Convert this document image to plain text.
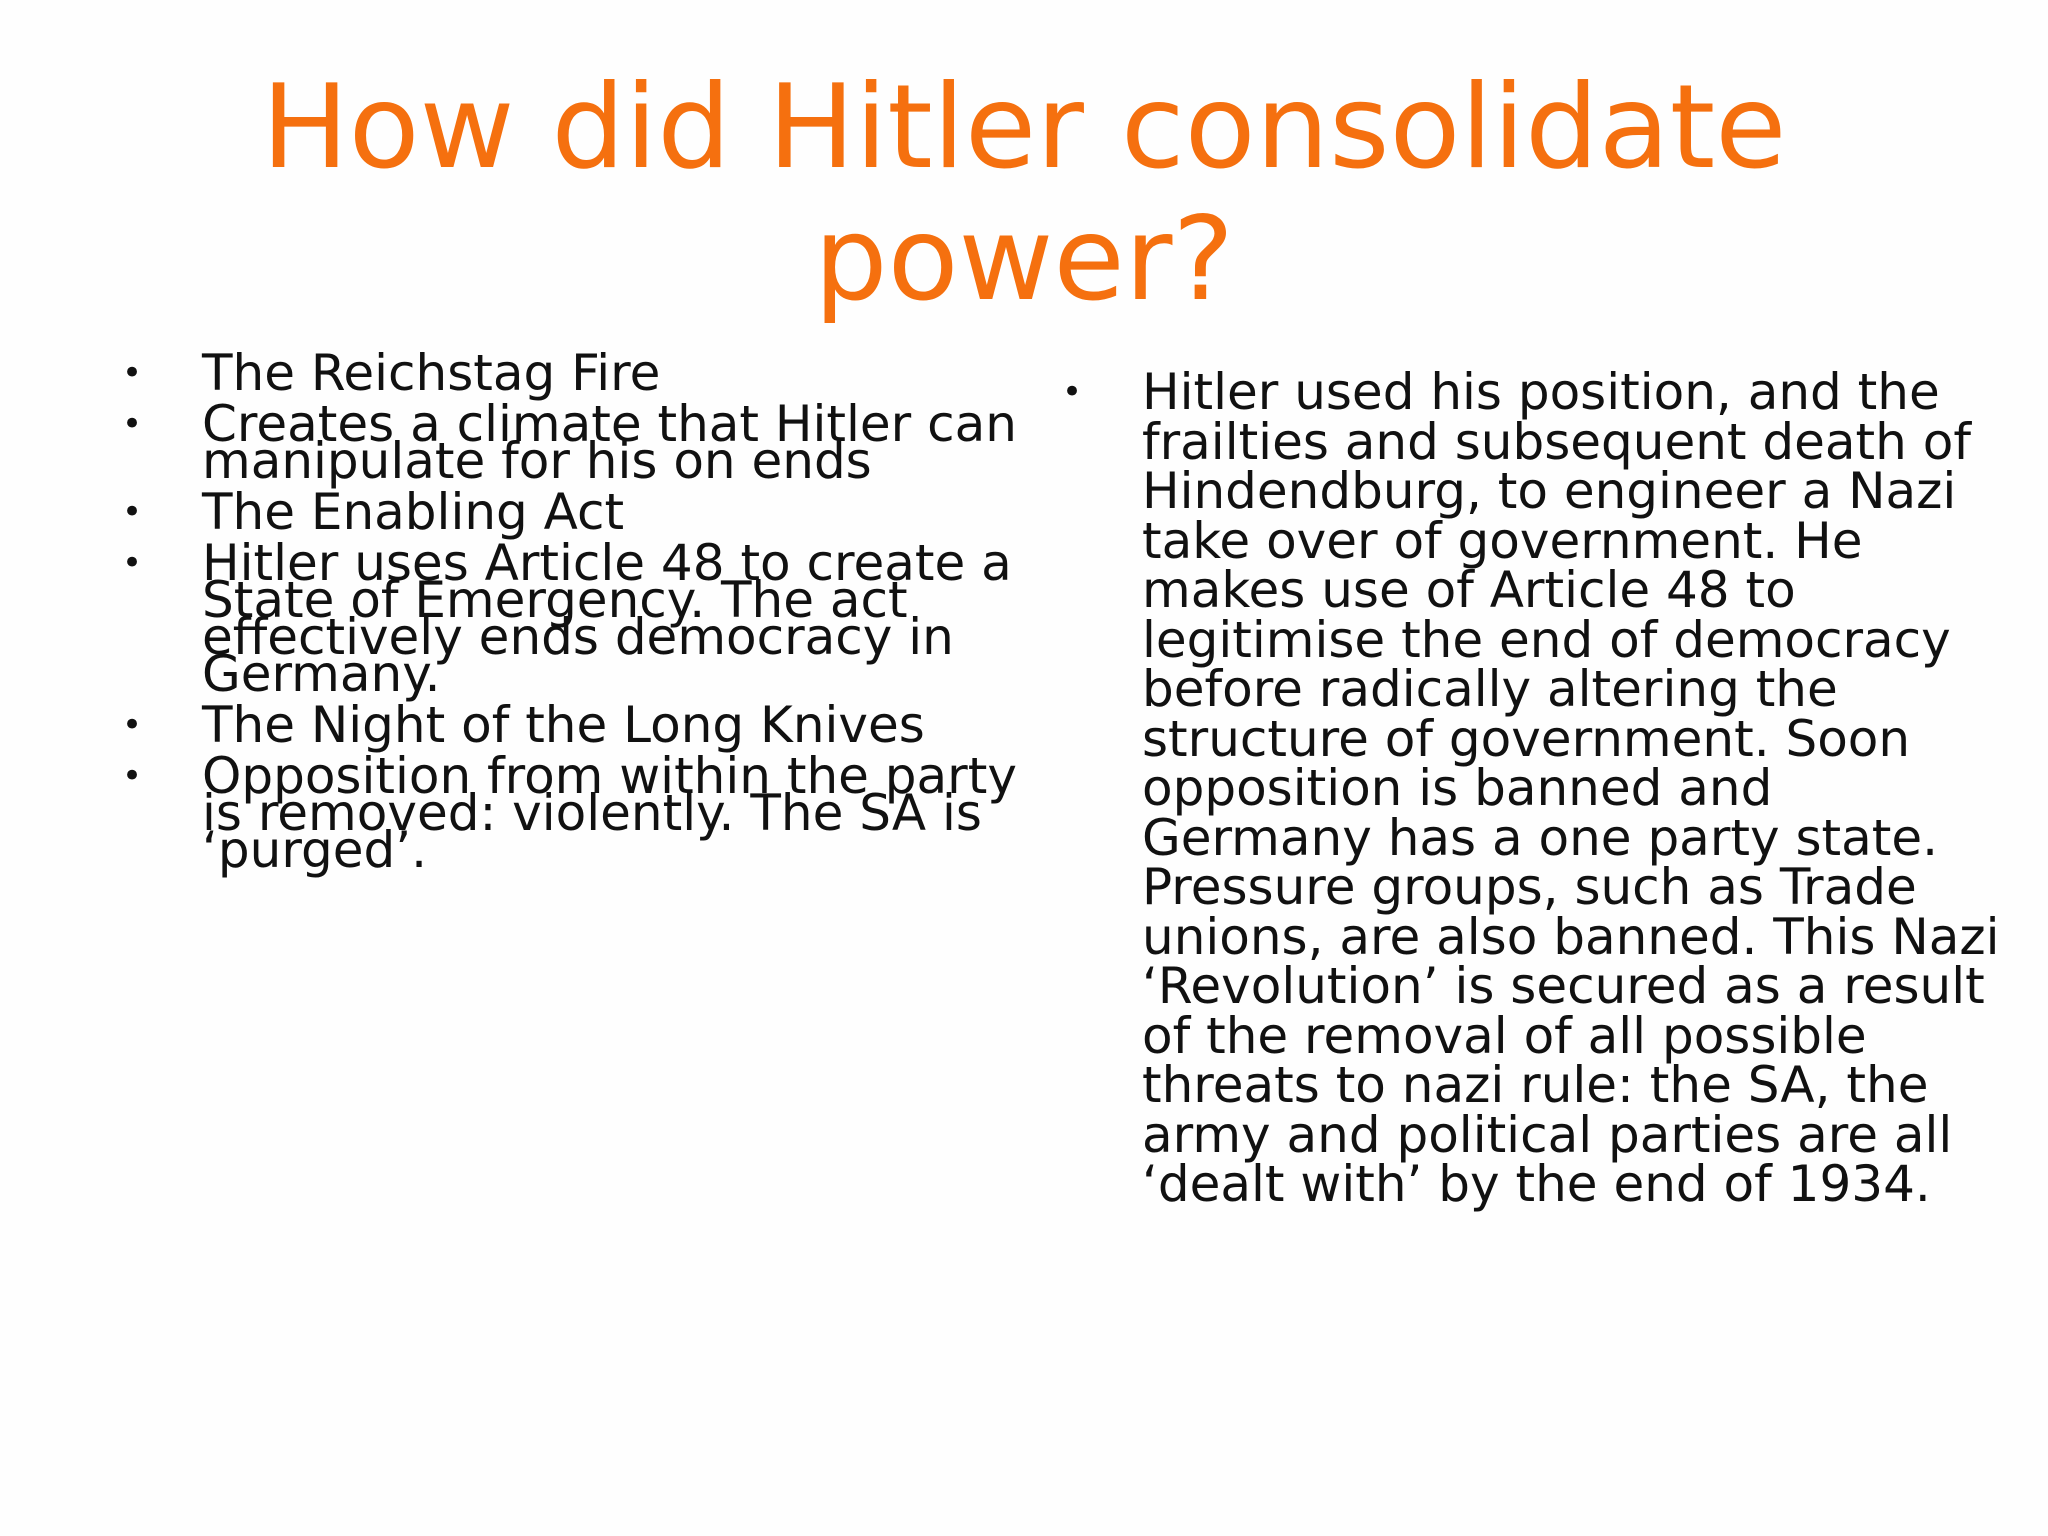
How did Hitler consolidate
power?
• The Reichstag Fire
• Creates a climate that Hitler can manipulate for his on ends
• The Enabling Act
• Hitler uses Article 48 to create a State of Emergency. The act effectively ends democracy in Germany.
• The Night of the Long Knives
• Opposition from within the party is removed: violently. The SA is ‘purged’.
• Hitler used his position, and the frailties and subsequent death of Hindendburg, to engineer a Nazi take over of government. He makes use of Article 48 to legitimise the end of democracy before radically altering the structure of government. Soon opposition is banned and Germany has a one party state. Pressure groups, such as Trade unions, are also banned. This Nazi ‘Revolution’ is secured as a result of the removal of all possible threats to nazi rule: the SA, the army and political parties are all ‘dealt with’ by the end of 1934.
